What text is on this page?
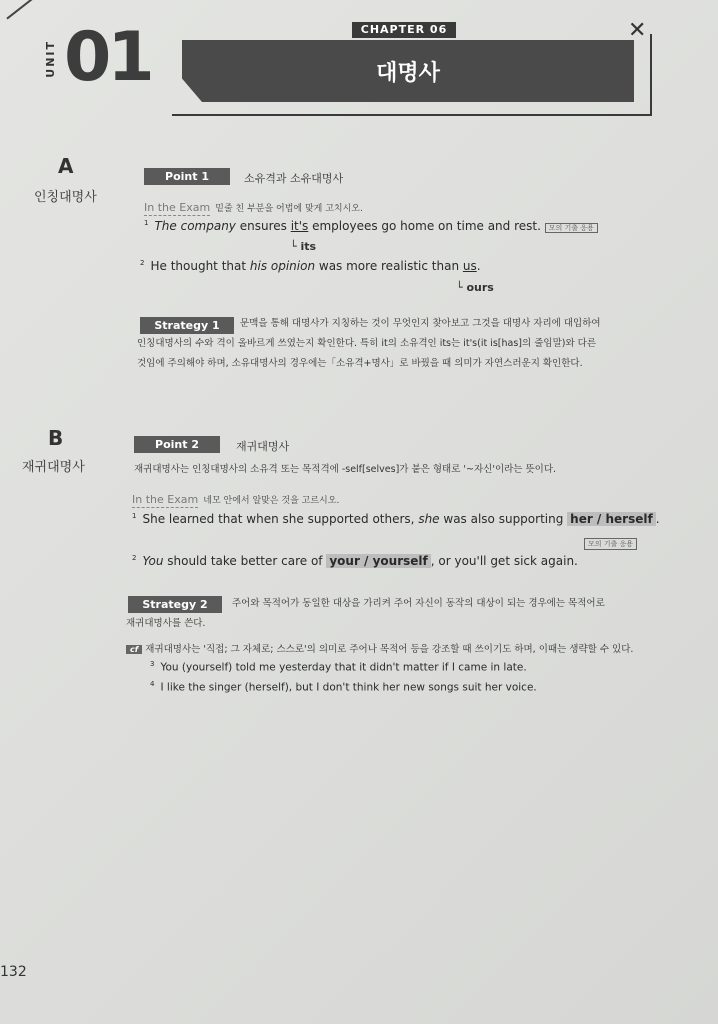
UNIT 01	CHAPTER 06
대명사
✕
A
인칭대명사
Point 1	소유격과 소유대명사
In the Exam 밑줄 친 부분을 어법에 맞게 고치시오.
$^1$ The company ensures it's employees go home on time and rest. 모의 기출 응용
└ its
$^2$ He thought that his opinion was more realistic than us.
└ ours
Strategy 1	문맥을 통해 대명사가 지칭하는 것이 무엇인지 찾아보고 그것을 대명사 자리에 대입하여
인칭대명사의 수와 격이 올바르게 쓰였는지 확인한다. 특히 it의 소유격인 its는 it's(it is[has]의 줄임말)와 다른
것임에 주의해야 하며, 소유대명사의 경우에는「소유격+명사」로 바꿨을 때 의미가 자연스러운지 확인한다.
B
재귀대명사
Point 2	재귀대명사
재귀대명사는 인칭대명사의 소유격 또는 목적격에 -self[selves]가 붙은 형태로 '~자신'이라는 뜻이다.
In the Exam 네모 안에서 알맞은 것을 고르시오.
$^1$ She learned that when she supported others, she was also supporting her / herself .
모의 기출 응용
$^2$ You should take better care of your / yourself , or you'll get sick again.
Strategy 2	주어와 목적어가 동일한 대상을 가리켜 주어 자신이 동작의 대상이 되는 경우에는 목적어로
재귀대명사를 쓴다.
cf 재귀대명사는 '직접; 그 자체로; 스스로'의 의미로 주어나 목적어 등을 강조할 때 쓰이기도 하며, 이때는 생략할 수 있다.
$^3$ You (yourself) told me yesterday that it didn't matter if I came in late.
$^4$ I like the singer (herself), but I don't think her new songs suit her voice.
132
